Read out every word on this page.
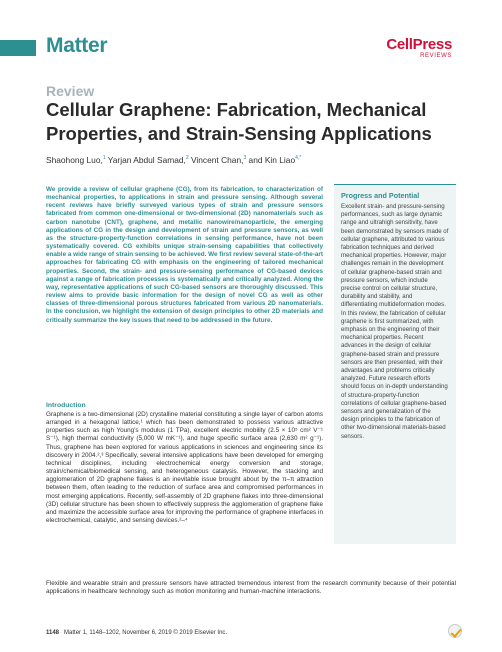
Matter	CellPress
REVIEWS
Review
Cellular Graphene: Fabrication, Mechanical Properties, and Strain-Sensing Applications
Shaohong Luo,$^1$ Yarjan Abdul Samad,$^2$ Vincent Chan,$^3$ and Kin Liao$^{4,*}$

We provide a review of cellular graphene (CG), from its fabrication, to characterization of mechanical properties, to applications in strain and pressure sensing. Although several recent reviews have briefly surveyed various types of strain and pressure sensors fabricated from common one-dimensional or two-dimensional (2D) nanomaterials such as carbon nanotube (CNT), graphene, and metallic nanowire/nanoparticle, the emerging applications of CG in the design and development of strain and pressure sensors, as well as the structure-property-function correlations in sensing performance, have not been systematically covered. CG exhibits unique strain-sensing capabilities that collectively enable a wide range of strain sensing to be achieved. We first review several state-of-the-art approaches for fabricating CG with emphasis on the engineering of tailored mechanical properties. Second, the strain- and pressure-sensing performance of CG-based devices against a range of fabrication processes is systematically and critically analyzed. Along the way, representative applications of such CG-based sensors are thoroughly discussed. This review aims to provide basic information for the design of novel CG as well as other classes of three-dimensional porous structures fabricated from various 2D nanomaterials. In the conclusion, we highlight the extension of design principles to other 2D materials and critically summarize the key issues that need to be addressed in the future.

Progress and Potential

Excellent strain- and pressure-sensing performances, such as large dynamic range and ultrahigh sensitivity, have been demonstrated by sensors made of cellular graphene, attributed to various fabrication techniques and derived mechanical properties. However, major challenges remain in the development of cellular graphene-based strain and pressure sensors, which include precise control on cellular structure, durability and stability, and differentiating multideformation modes. In this review, the fabrication of cellular graphene is first summarized, with emphasis on the engineering of their mechanical properties. Recent advances in the design of cellular graphene-based strain and pressure sensors are then presented, with their advantages and problems critically analyzed. Future research efforts should focus on in-depth understanding of structure-property-function correlations of cellular graphene-based sensors and generalization of the design principles to the fabrication of other two-dimensional materials-based sensors.

Introduction

Graphene is a two-dimensional (2D) crystalline material constituting a single layer of carbon atoms arranged in a hexagonal lattice,¹ which has been demonstrated to possess various attractive properties such as high Young's modulus (1 TPa), excellent electric mobility (2.5 × 10⁵ cm² V⁻¹ S⁻¹), high thermal conductivity (5,000 W mK⁻¹), and huge specific surface area (2,630 m² g⁻¹). Thus, graphene has been explored for various applications in sciences and engineering since its discovery in 2004.²,³ Specifically, several intensive applications have been developed for emerging technical disciplines, including electrochemical energy conversion and storage, strain/chemical/biomedical sensing, and heterogeneous catalysis. However, the stacking and agglomeration of 2D graphene flakes is an inevitable issue brought about by the π–π attraction between them, often leading to the reduction of surface area and compromised performances in most emerging applications. Recently, self-assembly of 2D graphene flakes into three-dimensional (3D) cellular structure has been shown to effectively suppress the agglomeration of graphene flake and maximize the accessible surface area for improving the performance of graphene interfaces in electrochemical, catalytic, and sensing devices.²–⁴

Flexible and wearable strain and pressure sensors have attracted tremendous interest from the research community because of their potential applications in healthcare technology such as motion monitoring and human-machine interactions.

1148 Matter 1, 1148–1202, November 6, 2019 © 2019 Elsevier Inc.
